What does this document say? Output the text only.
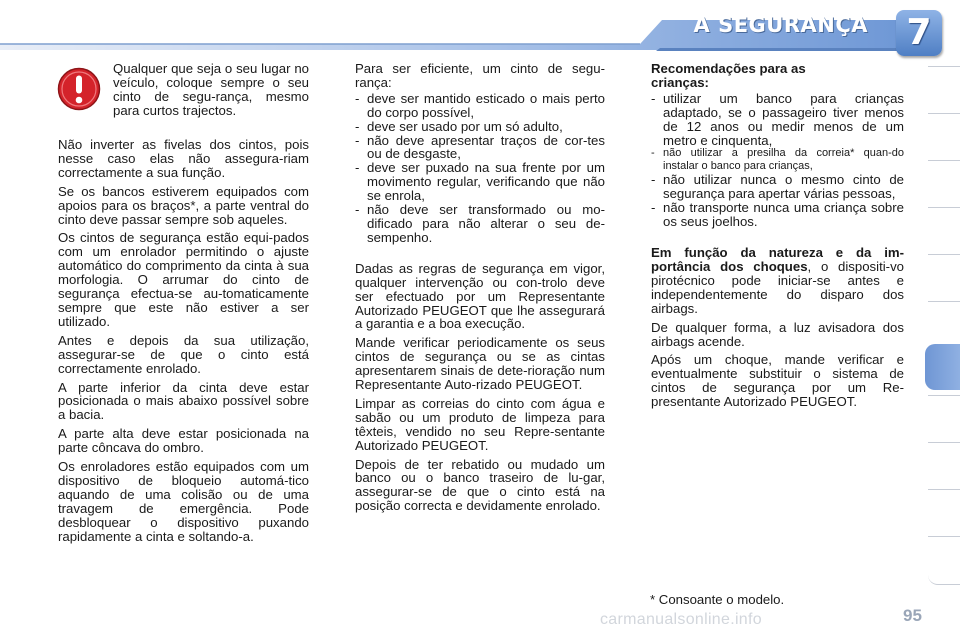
A SEGURANÇA 7

Qualquer que seja o seu lugar no veículo, coloque sempre o seu cinto de segu-rança, mesmo para curtos trajectos.

Não inverter as fivelas dos cintos, pois nesse caso elas não assegura-riam correctamente a sua função.

Se os bancos estiverem equipados com apoios para os braços*, a parte ventral do cinto deve passar sempre sob aqueles.

Os cintos de segurança estão equi-pados com um enrolador permitindo o ajuste automático do comprimento da cinta à sua morfologia. O arrumar do cinto de segurança efectua-se au-tomaticamente sempre que este não estiver a ser utilizado.

Antes e depois da sua utilização, assegurar-se de que o cinto está correctamente enrolado.

A parte inferior da cinta deve estar posicionada o mais abaixo possível sobre a bacia.

A parte alta deve estar posicionada na parte côncava do ombro.

Os enroladores estão equipados com um dispositivo de bloqueio automá-tico aquando de uma colisão ou de uma travagem de emergência. Pode desbloquear o dispositivo puxando rapidamente a cinta e soltando-a.

Para ser eficiente, um cinto de segu-rança:

- deve ser mantido esticado o mais perto do corpo possível,
- deve ser usado por um só adulto,
- não deve apresentar traços de cor-tes ou de desgaste,
- deve ser puxado na sua frente por um movimento regular, verificando que não se enrola,
- não deve ser transformado ou mo-dificado para não alterar o seu de-sempenho.

Dadas as regras de segurança em vigor, qualquer intervenção ou con-trolo deve ser efectuado por um Representante Autorizado PEUGEOT que lhe assegurará a garantia e a boa execução.

Mande verificar periodicamente os seus cintos de segurança ou se as cintas apresentarem sinais de dete-rioração num Representante Auto-rizado PEUGEOT.

Limpar as correias do cinto com água e sabão ou um produto de limpeza para têxteis, vendido no seu Repre-sentante Autorizado PEUGEOT.

Depois de ter rebatido ou mudado um banco ou o banco traseiro de lu-gar, assegurar-se de que o cinto está na posição correcta e devidamente enrolado.

Recomendações para as crianças:

- utilizar um banco para crianças adaptado, se o passageiro tiver menos de 12 anos ou medir menos de um metro e cinquenta,
- não utilizar a presilha da correia* quan-do instalar o banco para crianças,
- não utilizar nunca o mesmo cinto de segurança para apertar várias pessoas,
- não transporte nunca uma criança sobre os seus joelhos.

Em função da natureza e da im-portância dos choques, o dispositi-vo pirotécnico pode iniciar-se antes e independentemente do disparo dos airbags.

De qualquer forma, a luz avisadora dos airbags acende.

Após um choque, mande verificar e eventualmente substituir o sistema de cintos de segurança por um Re-presentante Autorizado PEUGEOT.

* Consoante o modelo.
carmanualsonline.info	95
